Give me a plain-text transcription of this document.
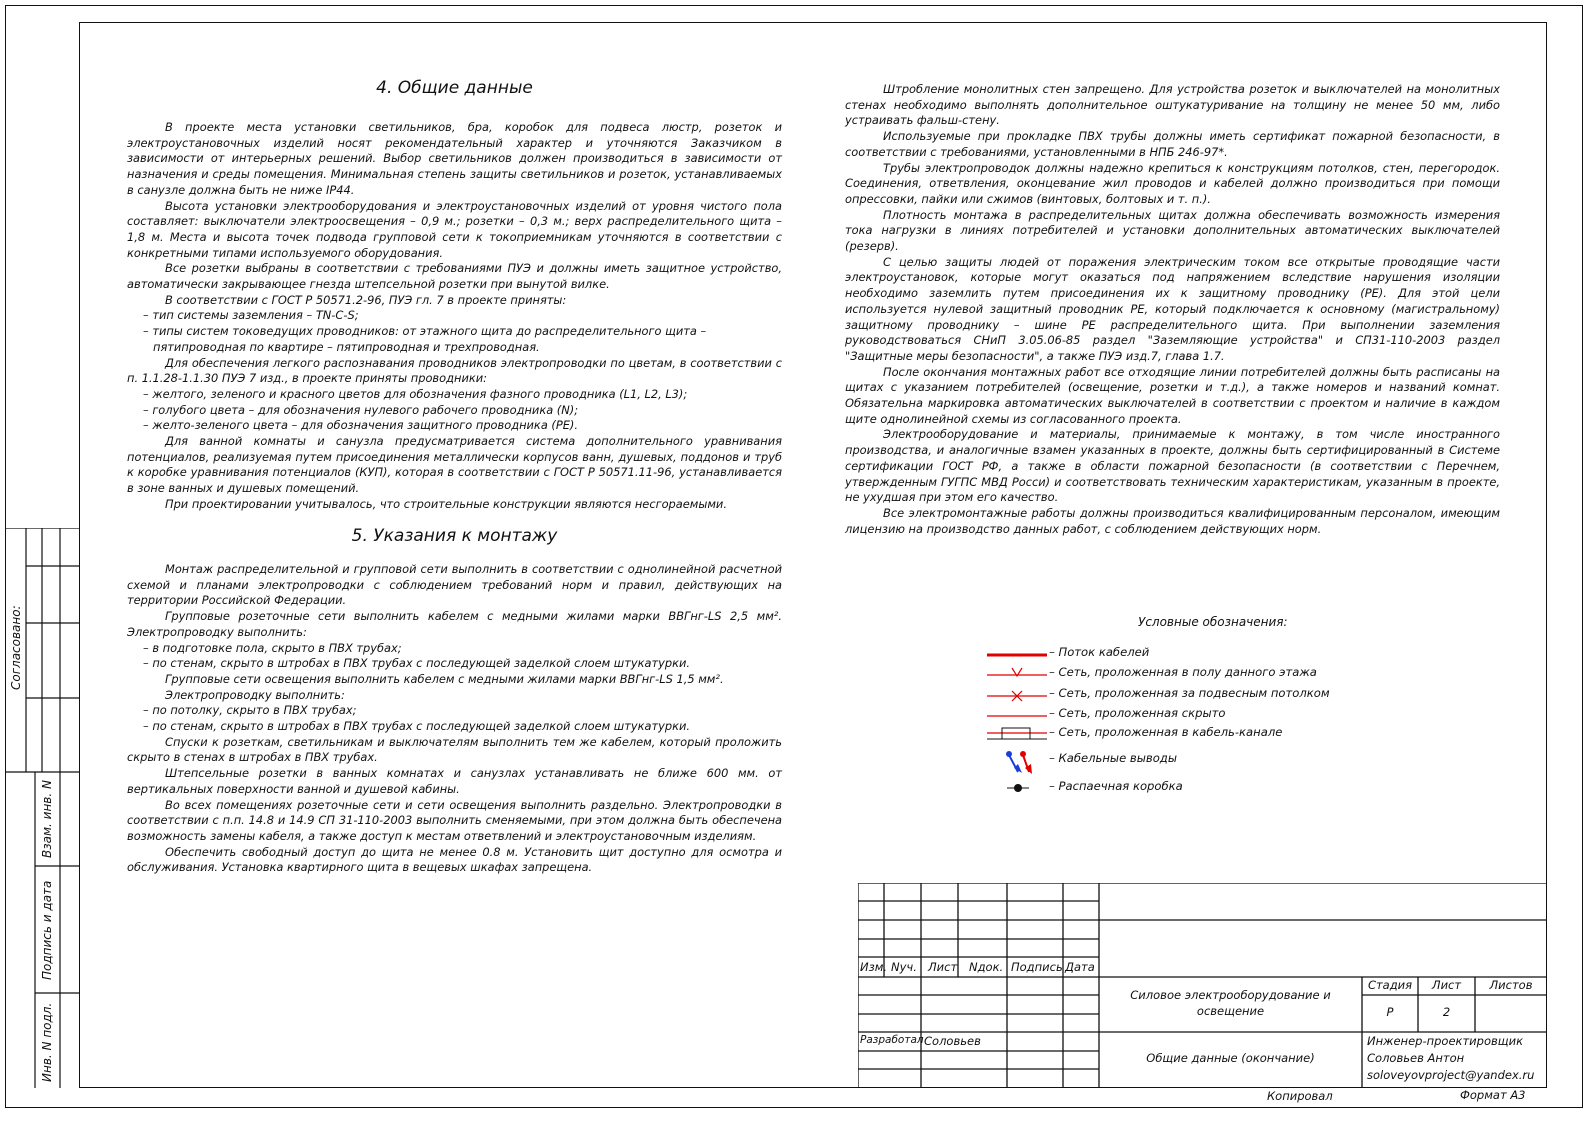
Согласовано:
Взам. инв. N
Подпись и дата
Инв. N подл.
4. Общие данные

В проекте места установки светильников, бра, коробок для подвеса люстр, розеток и электроустановочных изделий носят рекомендательный характер и уточняются Заказчиком в зависимости от интерьерных решений. Выбор светильников должен производиться в зависимости от назначения и среды помещения. Минимальная степень защиты светильников и розеток, устанавливаемых в санузле должна быть не ниже IP44.

Высота установки электрооборудования и электроустановочных изделий от уровня чистого пола составляет: выключатели электроосвещения – 0,9 м.; розетки – 0,3 м.; верх распределительного щита – 1,8 м. Места и высота точек подвода групповой сети к токоприемникам уточняются в соответствии с конкретными типами используемого оборудования.

Все розетки выбраны в соответствии с требованиями ПУЭ и должны иметь защитное устройство, автоматически закрывающее гнезда штепсельной розетки при вынутой вилке.

В соответствии с ГОСТ Р 50571.2-96, ПУЭ гл. 7 в проекте приняты:

– тип системы заземления – TN-C-S;

– типы систем токоведущих проводников: от этажного щита до распределительного щита – пятипроводная по квартире – пятипроводная и трехпроводная.

Для обеспечения легкого распознавания проводников электропроводки по цветам, в соответствии с п. 1.1.28-1.1.30 ПУЭ 7 изд., в проекте приняты проводники:

– желтого, зеленого и красного цветов для обозначения фазного проводника (L1, L2, L3);

– голубого цвета – для обозначения нулевого рабочего проводника (N);

– желто-зеленого цвета – для обозначения защитного проводника (PE).

Для ванной комнаты и санузла предусматривается система дополнительного уравнивания потенциалов, реализуемая путем присоединения металлически корпусов ванн, душевых, поддонов и труб к коробке уравнивания потенциалов (КУП), которая в соответствии с ГОСТ Р 50571.11-96, устанавливается в зоне ванных и душевых помещений.

При проектировании учитывалось, что строительные конструкции являются несгораемыми.

5. Указания к монтажу

Монтаж распределительной и групповой сети выполнить в соответствии с однолинейной расчетной схемой и планами электропроводки с соблюдением требований норм и правил, действующих на территории Российской Федерации.

Групповые розеточные сети выполнить кабелем с медными жилами марки ВВГнг-LS 2,5 мм². Электропроводку выполнить:

– в подготовке пола, скрыто в ПВХ трубах;

– по стенам, скрыто в штробах в ПВХ трубах с последующей заделкой слоем штукатурки.

Групповые сети освещения выполнить кабелем с медными жилами марки ВВГнг-LS 1,5 мм².

Электропроводку выполнить:

– по потолку, скрыто в ПВХ трубах;

– по стенам, скрыто в штробах в ПВХ трубах с последующей заделкой слоем штукатурки.

Спуски к розеткам, светильникам и выключателям выполнить тем же кабелем, который проложить скрыто в стенах в штробах в ПВХ трубах.

Штепсельные розетки в ванных комнатах и санузлах устанавливать не ближе 600 мм. от вертикальных поверхности ванной и душевой кабины.

Во всех помещениях розеточные сети и сети освещения выполнить раздельно. Электропроводки в соответствии с п.п. 14.8 и 14.9 СП 31-110-2003 выполнить сменяемыми, при этом должна быть обеспечена возможность замены кабеля, а также доступ к местам ответвлений и электроустановочным изделиям.

Обеспечить свободный доступ до щита не менее 0.8 м. Установить щит доступно для осмотра и обслуживания. Установка квартирного щита в вещевых шкафах запрещена.

Штробление монолитных стен запрещено. Для устройства розеток и выключателей на монолитных стенах необходимо выполнять дополнительное оштукатуривание на толщину не менее 50 мм, либо устраивать фальш-стену.

Используемые при прокладке ПВХ трубы должны иметь сертификат пожарной безопасности, в соответствии с требованиями, установленными в НПБ 246-97*.

Трубы электропроводок должны надежно крепиться к конструкциям потолков, стен, перегородок. Соединения, ответвления, оконцевание жил проводов и кабелей должно производиться при помощи опрессовки, пайки или сжимов (винтовых, болтовых и т. п.).

Плотность монтажа в распределительных щитах должна обеспечивать возможность измерения тока нагрузки в линиях потребителей и установки дополнительных автоматических выключателей (резерв).

С целью защиты людей от поражения электрическим током все открытые проводящие части электроустановок, которые могут оказаться под напряжением вследствие нарушения изоляции необходимо заземлить путем присоединения их к защитному проводнику (PE). Для этой цели используется нулевой защитный проводник PE, который подключается к основному (магистральному) защитному проводнику – шине PE распределительного щита. При выполнении заземления руководствоваться СНиП 3.05.06-85 раздел "Заземляющие устройства" и СП31-110-2003 раздел "Защитные меры безопасности", а также ПУЭ изд.7, глава 1.7.

После окончания монтажных работ все отходящие линии потребителей должны быть расписаны на щитах с указанием потребителей (освещение, розетки и т.д.), а также номеров и названий комнат. Обязательна маркировка автоматических выключателей в соответствии с проектом и наличие в каждом щите однолинейной схемы из согласованного проекта.

Электрооборудование и материалы, принимаемые к монтажу, в том числе иностранного производства, и аналогичные взамен указанных в проекте, должны быть сертифицированный в Системе сертификации ГОСТ РФ, а также в области пожарной безопасности (в соответствии с Перечнем, утвержденным ГУГПС МВД Росси) и соответствовать техническим характеристикам, указанным в проекте, не ухудшая при этом его качество.

Все электромонтажные работы должны производиться квалифицированным персоналом, имеющим лицензию на производство данных работ, с соблюдением действующих норм.

Условные обозначения:
– Поток кабелей
– Сеть, проложенная в полу данного этажа
– Сеть, проложенная за подвесным потолком
– Сеть, проложенная скрыто
– Сеть, проложенная в кабель-канале
– Кабельные выводы
– Распаечная коробка
Изм. Nуч. Лист Nдок. Подпись Дата
Разработал Соловьев
Силовое электрооборудование и освещение
Общие данные (окончание)
Стадия	Лист	Листов
Р	2
Инженер-проектировщик
Соловьев Антон
soloveyovproject@yandex.ru
Копировал	Формат А3
